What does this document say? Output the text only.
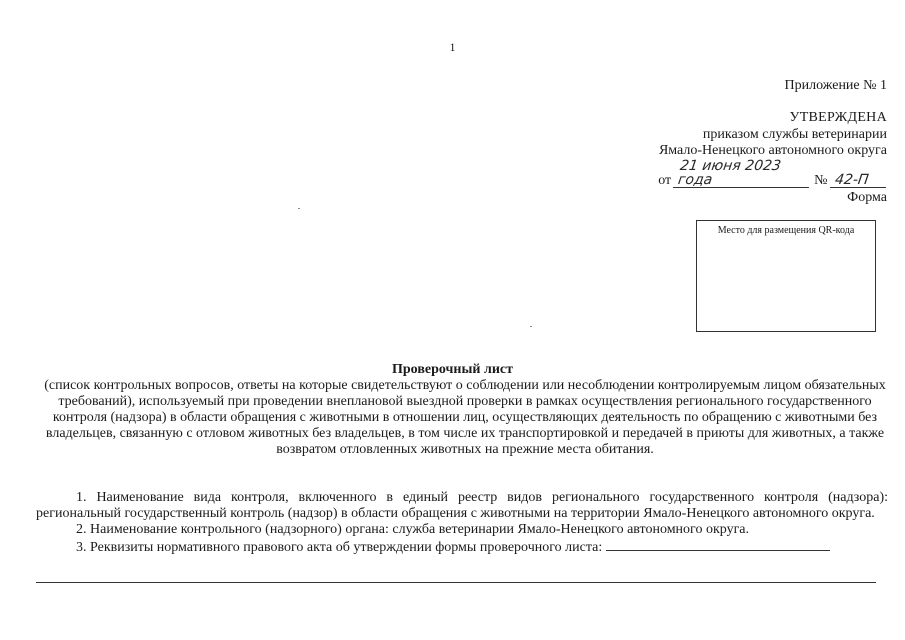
1
Приложение № 1
УТВЕРЖДЕНА
приказом службы ветеринарии
Ямало-Ненецкого автономного округа
от 21 июня 2023 года	№ 42-П
Форма
Место для размещения QR-кода
Проверочный лист
(список контрольных вопросов, ответы на которые свидетельствуют о соблюдении или несоблюдении контролируемым лицом обязательных требований), используемый при проведении внеплановой выездной проверки в рамках осуществления регионального государственного контроля (надзора) в области обращения с животными в отношении лиц, осуществляющих деятельность по обращению с животными без владельцев, связанную с отловом животных без владельцев, в том числе их транспортировкой и передачей в приюты для животных, а также возвратом отловленных животных на прежние места обитания.

1. Наименование вида контроля, включенного в единый реестр видов регионального государственного контроля (надзора): региональный государственный контроль (надзор) в области обращения с животными на территории Ямало-Ненецкого автономного округа.

2. Наименование контрольного (надзорного) органа: служба ветеринарии Ямало-Ненецкого автономного округа.

3. Реквизиты нормативного правового акта об утверждении формы проверочного листа:
